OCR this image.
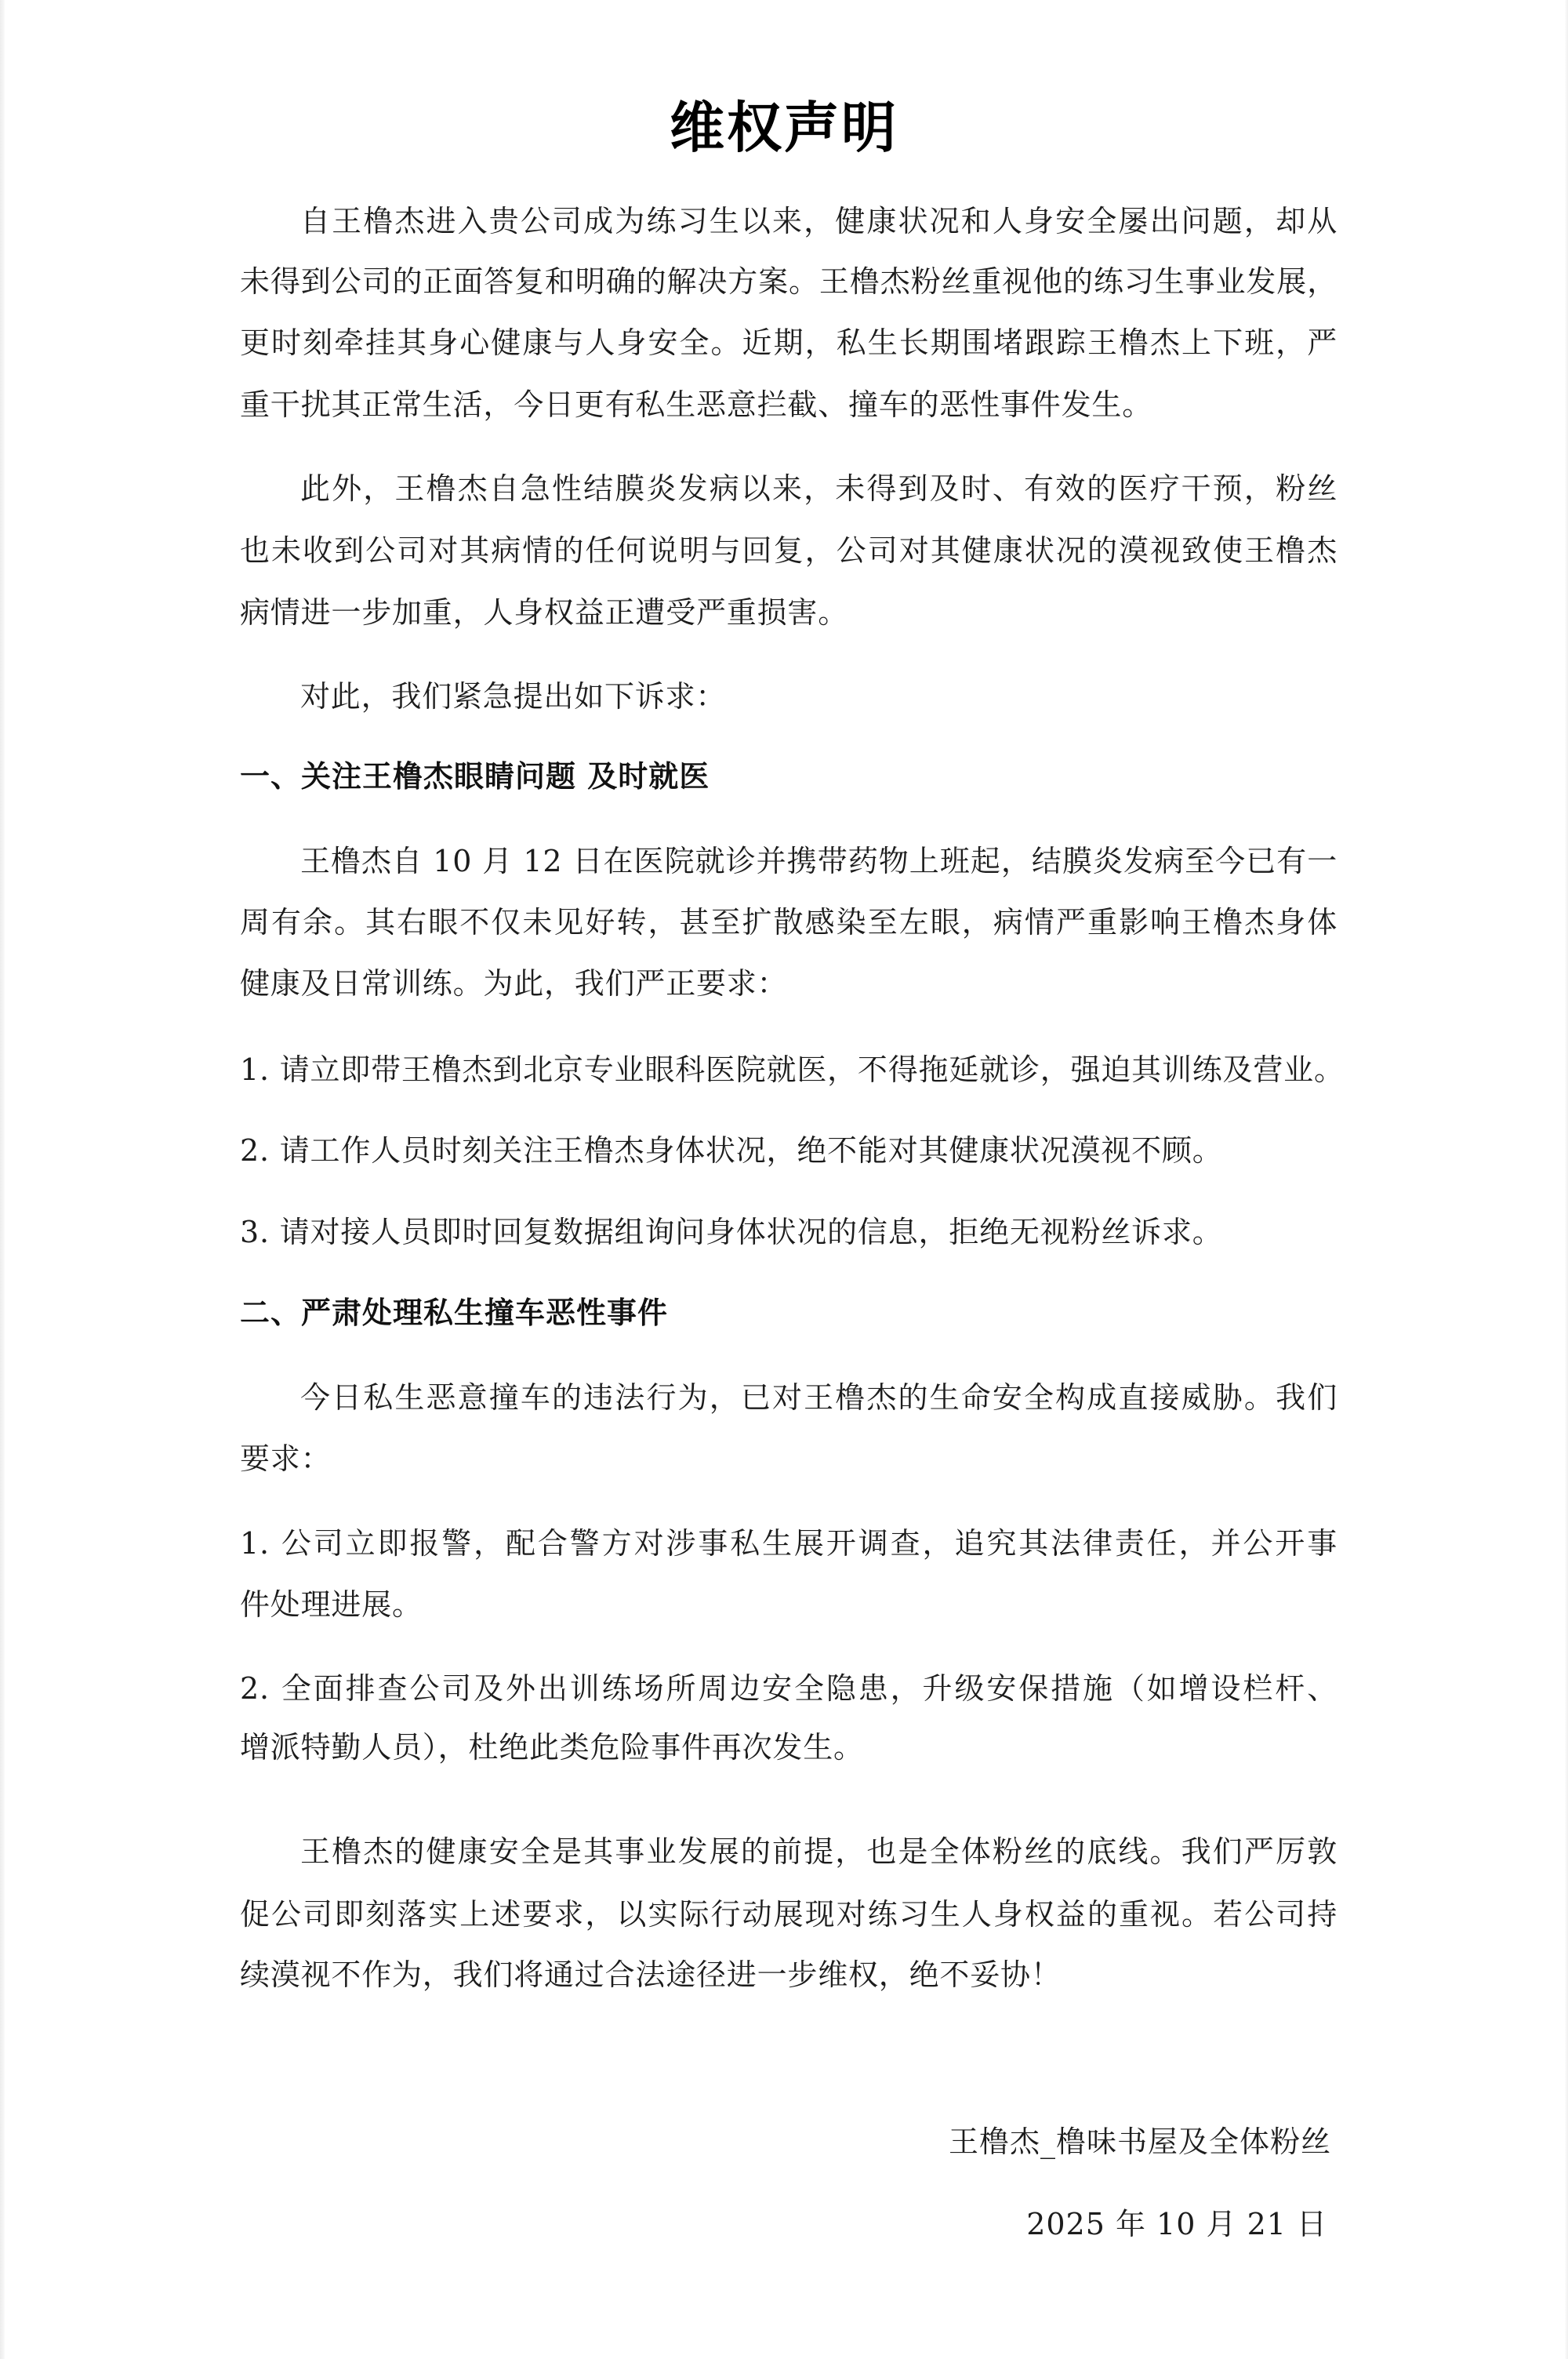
维权声明
自王橹杰进入贵公司成为练习生以来，健康状况和人身安全屡出问题，却从
未得到公司的正面答复和明确的解决方案。王橹杰粉丝重视他的练习生事业发展，
更时刻牵挂其身心健康与人身安全。近期，私生长期围堵跟踪王橹杰上下班，严
重干扰其正常生活，今日更有私生恶意拦截、撞车的恶性事件发生。
此外，王橹杰自急性结膜炎发病以来，未得到及时、有效的医疗干预，粉丝
也未收到公司对其病情的任何说明与回复，公司对其健康状况的漠视致使王橹杰
病情进一步加重，人身权益正遭受严重损害。
对此，我们紧急提出如下诉求：
一、关注王橹杰眼睛问题 及时就医
王橹杰自 10 月 12 日在医院就诊并携带药物上班起，结膜炎发病至今已有一
周有余。其右眼不仅未见好转，甚至扩散感染至左眼，病情严重影响王橹杰身体
健康及日常训练。为此，我们严正要求：
1. 请立即带王橹杰到北京专业眼科医院就医，不得拖延就诊，强迫其训练及营业。
2. 请工作人员时刻关注王橹杰身体状况，绝不能对其健康状况漠视不顾。
3. 请对接人员即时回复数据组询问身体状况的信息，拒绝无视粉丝诉求。
二、严肃处理私生撞车恶性事件
今日私生恶意撞车的违法行为，已对王橹杰的生命安全构成直接威胁。我们
要求：
1. 公司立即报警，配合警方对涉事私生展开调查，追究其法律责任，并公开事
件处理进展。
2. 全面排查公司及外出训练场所周边安全隐患，升级安保措施（如增设栏杆、
增派特勤人员），杜绝此类危险事件再次发生。
王橹杰的健康安全是其事业发展的前提，也是全体粉丝的底线。我们严厉敦
促公司即刻落实上述要求，以实际行动展现对练习生人身权益的重视。若公司持
续漠视不作为，我们将通过合法途径进一步维权，绝不妥协！
王橹杰_橹味书屋及全体粉丝
2025 年 10 月 21 日
